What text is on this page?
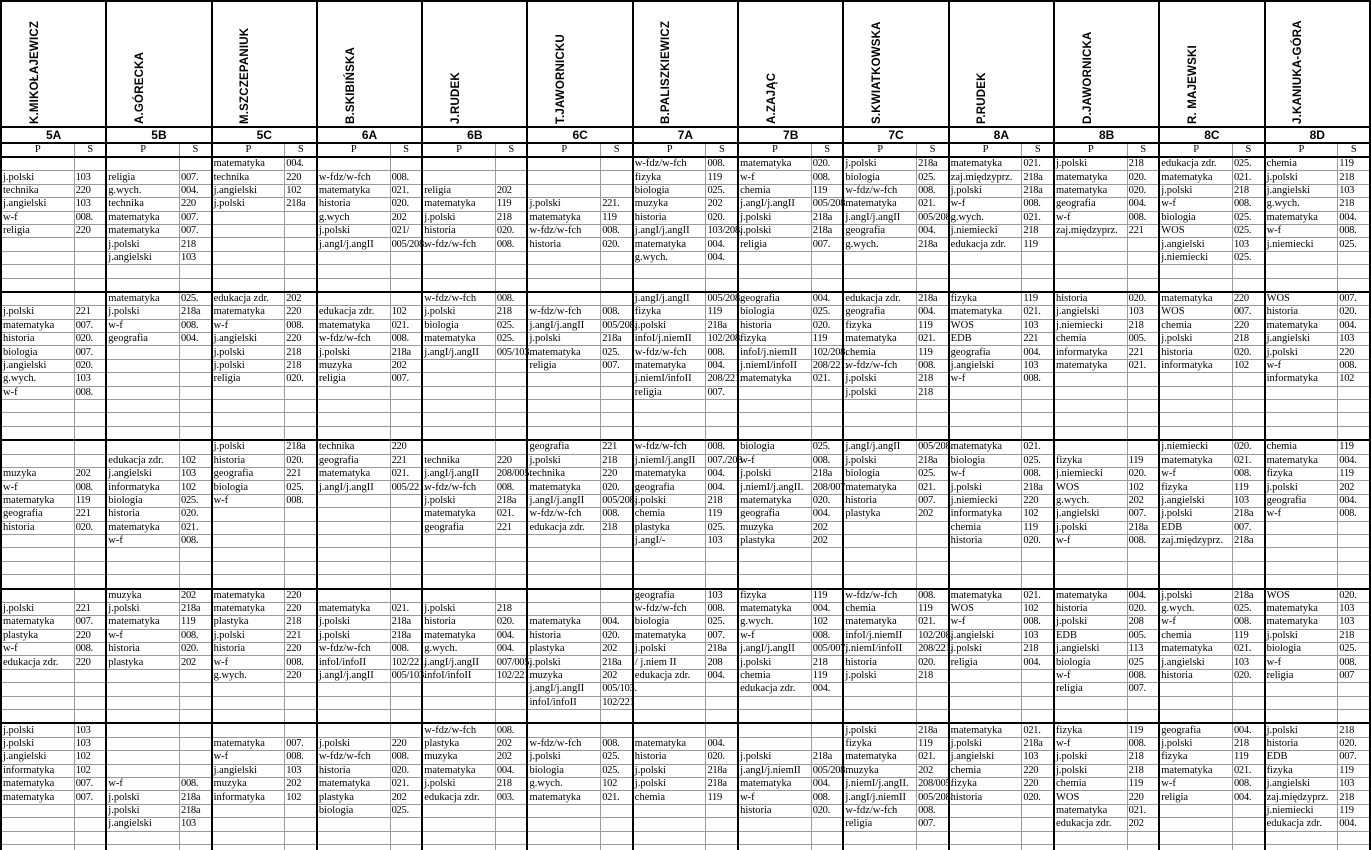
K.MIKOŁAJEWICZ		A.GÓRECKA		M.SZCZEPANIUK		B.SKIBIŃSKA		J.RUDEK		T.JAWORNICKU		B.PALISZKIEWICZ		A.ZAJĄC		S.KWIATKOWSKA		P.RUDEK		D.JAWORNICKA		R. MAJEWSKI		J.KANIUKA-GÓRA	

5A		5B		5C		6A		6B		6C		7A		7B		7C		8A		8B		8C		8D	
P	S	P	S	P	S	P	S	P	S	P	S	P	S	P	S	P	S	P	S	P	S	P	S	P	S
				matematyka	004.							w-fdz/w-fch	008.	matematyka	020.	j.polski	218a	matematyka	021.	j.polski	218	edukacja zdr.	025.	chemia	119
j.polski	103	religia	007.	technika	220	w-fdz/w-fch	008.					fizyka	119	w-f	008.	biologia	025.	zaj.międzyprz.	218a	matematyka	020.	matematyka	021.	j.polski	218
technika	220	g.wych.	004.	j.angielski	102	matematyka	021.	religia	202			biologia	025.	chemia	119	w-fdz/w-fch	008.	j.polski	218a	matematyka	020.	j.polski	218	j.angielski	103
j.angielski	103	technika	220	j.polski	218a	historia	020.	matematyka	119	j.polski	221.	muzyka	202	j.angI/j.angII	005/208.	matematyka	021.	w-f	008.	geografia	004.	w-f	008.	g.wych.	218
w-f	008.	matematyka	007.			g.wych	202	j.polski	218	matematyka	119	historia	020.	j.polski	218a	j.angI/j.angII	005/208.	g.wych.	021.	w-f	008.	biologia	025.	matematyka	004.
religia	220	matematyka	007.			j.polski	021/	historia	020.	w-fdz/w-fch	008.	j.angI/j.angII	103/208.	j.polski	218a	geografia	004.	j.niemiecki	218	zaj.międzyprz.	221	WOS	025.	w-f	008.
		j.polski	218			j.angI/j.angII	005/208.	w-fdz/w-fch	008.	historia	020.	matematyka	004.	religia	007.	g.wych.	218a	edukacja zdr.	119			j.angielski	103	j.niemiecki	025.
		j.angielski	103									g.wych.	004.									j.niemiecki	025.		

		matematyka	025.	edukacja zdr.	202			w-fdz/w-fch	008.			j.angI/j.angII	005/208.	geografia	004.	edukacja zdr.	218a	fizyka	119	historia	020.	matematyka	220	WOS	007.
j.polski	221	j.polski	218a	matematyka	220	edukacja zdr.	102	j.polski	218	w-fdz/w-fch	008.	fizyka	119	biologia	025.	geografia	004.	matematyka	021.	j.angielski	103	WOS	007.	historia	020.
matematyka	007.	w-f	008.	w-f	008.	matematyka	021.	biologia	025.	j.angI/j.angII	005/208.	j.polski	218a	historia	020.	fizyka	119	WOS	103	j.niemiecki	218	chemia	220	matematyka	004.
historia	020.	geografia	004.	j.angielski	220	w-fdz/w-fch	008.	matematyka	025.	j.polski	218a	infoI/j.niemII	102/208.	fizyka	119	matematyka	021.	EDB	221	chemia	005.	j.polski	218	j.angielski	103
biologia	007.			j.polski	218	j.polski	218a	j.angI/j.angII	005/103.	matematyka	025.	w-fdz/w-fch	008.	infoI/j.niemII	102/208.	chemia	119	geografia	004.	informatyka	221	historia	020.	j.polski	220
j.angielski	020.			j.polski	218	muzyka	202			religia	007.	matematyka	004.	j.niemI/infoII	208/221.	w-fdz/w-fch	008.	j.angielski	103	matematyka	021.	informatyka	102	w-f	008.
g.wych.	103			religia	020.	religia	007.					j.niemI/infoII	208/221.	matematyka	021.	j.polski	218	w-f	008.					informatyka	102
w-f	008.											religia	007.			j.polski	218								

				j.polski	218a	technika	220			geografia	221	w-fdz/w-fch	008.	biologia	025.	j.angI/j.angII	005/208.	matematyka	021.			j.niemiecki	020.	chemia	119
		edukacja zdr.	102	historia	020.	geografia	221	technika	220	j.polski	218	j.niemI/j.angII	007./208	w-f	008.	j.polski	218a	biologia	025.	fizyka	119	matematyka	021.	matematyka	004.
muzyka	202	j.angielski	103	geografia	221	matematyka	021.	j.angI/j.angII	208/005.	technika	220	matematyka	004.	j.polski	218a	biologia	025.	w-f	008.	j.niemiecki	020.	w-f	008.	fizyka	119
w-f	008.	informatyka	102	biologia	025.	j.angI/j.angII	005/221.	w-fdz/w-fch	008.	matematyka	020.	geografia	004.	j.niemI/j.angII.	208/007.	matematyka	021.	j.polski	218a	WOS	102	fizyka	119	j.polski	202
matematyka	119	biologia	025.	w-f	008.			j.polski	218a	j.angI/j.angII	005/208.	j.polski	218	matematyka	020.	historia	007.	j.niemiecki	220	g.wych.	202	j.angielski	103	geografia	004.
geografia	221	historia	020.					matematyka	021.	w-fdz/w-fch	008.	chemia	119	geografia	004.	plastyka	202	informatyka	102	j.angielski	007.	j.polski	218a	w-f	008.
historia	020.	matematyka	021.					geografia	221	edukacja zdr.	218	plastyka	025.	muzyka	202			chemia	119	j.polski	218a	EDB	007.		
		w-f	008.									j.angI/-	103	plastyka	202			historia	020.	w-f	008.	zaj.międzyprz.	218a		

		muzyka	202	matematyka	220							geografia	103	fizyka	119	w-fdz/w-fch	008.	matematyka	021.	matematyka	004.	j.polski	218a	WOS	020.
j.polski	221	j.polski	218a	matematyka	220	matematyka	021.	j.polski	218			w-fdz/w-fch	008.	matematyka	004.	chemia	119	WOS	102	historia	020.	g.wych.	025.	matematyka	103
matematyka	007.	matematyka	119	plastyka	218	j.polski	218a	historia	020.	matematyka	004.	biologia	025.	g.wych.	102	matematyka	021.	w-f	008.	j.polski	208	w-f	008.	matematyka	103
plastyka	220	w-f	008.	j.polski	221	j.polski	218a	matematyka	004.	historia	020.	matematyka	007.	w-f	008.	infoI/j.niemII	102/208.	j.angielski	103	EDB	005.	chemia	119	j.polski	218
w-f	008.	historia	020.	historia	220	w-fdz/w-fch	008.	g.wych.	004.	plastyka	202	j.polski	218a	j.angI/j.angII	005/007.	j.niemI/infoII	208/221.	j.polski	218	j.angielski	113	matematyka	021.	biologia	025.
edukacja zdr.	220	plastyka	202	w-f	008.	infoI/infoII	102/221.	j.angI/j.angII	007/005.	j.polski	218a	/ j.niem II	208	j.polski	218	historia	020.	religia	004.	biologia	025	j.angielski	103	w-f	008.
				g.wych.	220	j.angI/j.angII	005/103.	infoI/infoII	102/221.	muzyka	202	edukacja zdr.	004.	chemia	119	j.polski	218			w-f	008.	historia	020.	religia	007
										j.angI/j.angII	005/103.			edukacja zdr.	004.					religia	007.				
										infoI/infoII	102/221														

j.polski	103							w-fdz/w-fch	008.							j.polski	218a	matematyka	021.	fizyka	119	geografia	004.	j.polski	218
j.polski	103			matematyka	007.	j.polski	220	plastyka	202	w-fdz/w-fch	008.	matematyka	004.			fizyka	119	j.polski	218a	w-f	008.	j.polski	218	historia	020.
j.angielski	102			w-f	008.	w-fdz/w-fch	008.	muzyka	202	j.polski	025.	historia	020.	j.polski	218a	matematyka	021.	j.angielski	103	j.polski	218	fizyka	119	EDB	007.
informatyka	102			j.angielski	103	historia	020.	matematyka	004.	biologia	025.	j.polski	218a	j.angI/j.niemII	005/208.	muzyka	202	chemia	220	j.polski	218	matematyka	021.	fizyka	119
matematyka	007.	w-f	008.	muzyka	202	matematyka	021.	j.polski	218	g.wych.	102	j.polski	218a	matematyka	004.	j.niemI/j.angII.	208/005.	fizyka	220	chemia	119	w-f	008.	j.angielski	103
matematyka	007.	j.polski	218a	informatyka	102	plastyka	202	edukacja zdr.	003.	matematyka	021.	chemia	119	w-f	008.	j.angI/j.niemII	005/208.	historia	020.	WOS	220	religia	004.	zaj.międzyprz.	218
		j.polski	218a			biologia	025.							historia	020.	w-fdz/w-fch	008.			matematyka	021.			j.niemiecki	119
		j.angielski	103													religia	007.			edukacja zdr.	202			edukacja zdr.	004.
